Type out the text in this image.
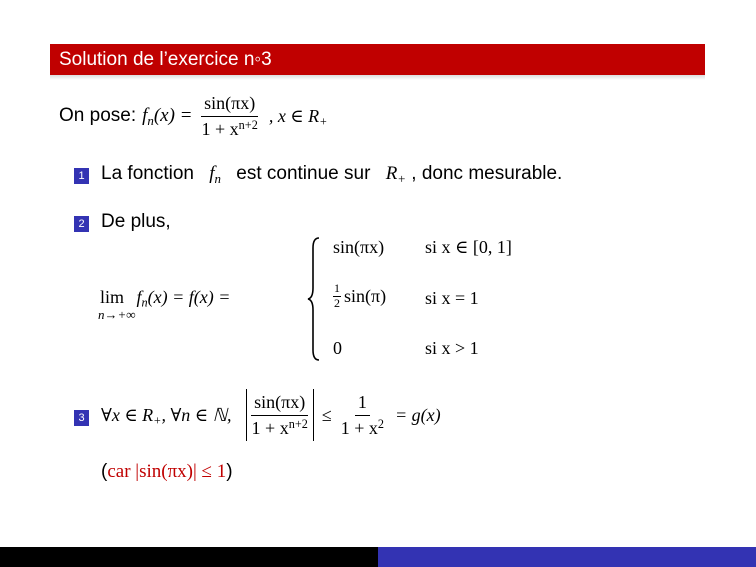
Solution de l’exercice n◦3
On pose: $f_n(x) = \frac{\sin(\pi x)}{1 + x^{n+2}}$ , x ∈ $R_+$
1 La fonction $f_n$ est continue sur $R_+$ , donc mesurable.
2 De plus,
lim
n→+∞
$f_n(x) = f(x)$ =
sin(πx) si x ∈ [0, 1]
$\frac{1}{2} \sin(\pi)$ si x = 1
0	si x > 1
3 ∀x ∈ $R_+$, ∀n ∈ ℕ, $\frac{\sin(\pi x)}{1 + x^{n+2}} \le \frac{1}{1 + x^2} = g(x)$
(car |sin(πx)| ≤ 1)
